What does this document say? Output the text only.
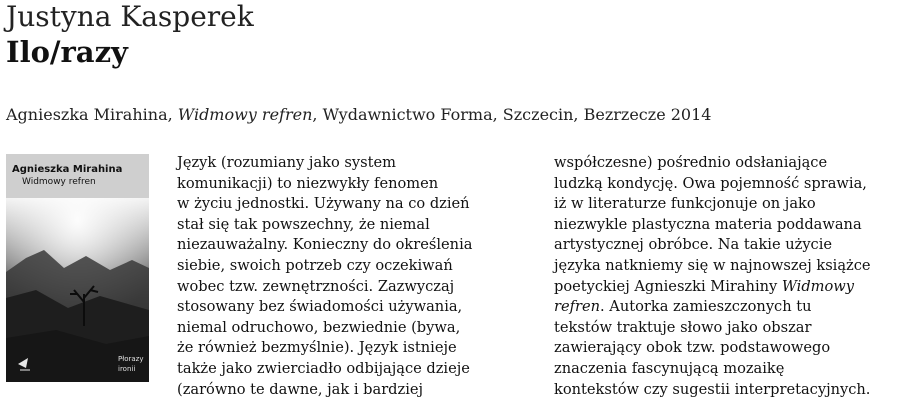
Justyna Kasperek
Ilo/razy
Agnieszka Mirahina, Widmowy refren, Wydawnictwo Forma, Szczecin, Bezrzecze 2014
Agnieszka Mirahina
Widmowy refren
Płorazy
ironii
Język (rozumiany jako system
komunikacji) to niezwykły fenomen
w życiu jednostki. Używany na co dzień
stał się tak powszechny, że niemal
niezauważalny. Konieczny do określenia
siebie, swoich potrzeb czy oczekiwań
wobec tzw. zewnętrzności. Zazwyczaj
stosowany bez świadomości używania,
niemal odruchowo, bezwiednie (bywa,
że również bezmyślnie). Język istnieje
także jako zwierciadło odbijające dzieje
(zarówno te dawne, jak i bardziej
współczesne) pośrednio odsłaniające
ludzką kondycję. Owa pojemność sprawia,
iż w literaturze funkcjonuje on jako
niezwykle plastyczna materia poddawana
artystycznej obróbce. Na takie użycie
języka natkniemy się w najnowszej książce
poetyckiej Agnieszki Mirahiny Widmowy
refren. Autorka zamieszczonych tu
tekstów traktuje słowo jako obszar
zawierający obok tzw. podstawowego
znaczenia fascynującą mozaikę
kontekstów czy sugestii interpretacyjnych.
